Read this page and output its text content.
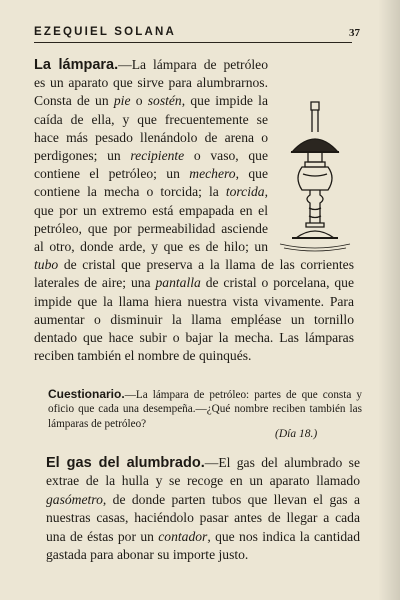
EZEQUIEL SOLANA	37

La lámpara.—La lámpara de petróleo es un aparato que sirve para alumbrarnos. Consta de un pie o sostén, que impide la caída de ella, y que frecuentemente se hace más pesado llenándolo de arena o perdigones; un recipiente o vaso, que contiene el petróleo; un mechero, que contiene la mecha o torcida; la torcida, que por un extremo está empapada en el petróleo, que por permeabilidad asciende al otro, donde arde, y que es de hilo; un tubo de cristal que preserva a la llama de las corrientes laterales de aire; una pantalla de cristal o porcelana, que impide que la llama hiera nuestra vista vivamente. Para aumentar o disminuir la llama empléase un tornillo dentado que hace subir o bajar la mecha. Las lámparas reciben también el nombre de quinqués.

Cuestionario.—La lámpara de petróleo: partes de que consta y oficio que cada una desempeña.—¿Qué nombre reciben también las lámparas de petróleo?
(Día 18.)
El gas del alumbrado.—El gas del alumbrado se extrae de la hulla y se recoge en un aparato llamado gasómetro, de donde parten tubos que llevan el gas a nuestras casas, haciéndolo pasar antes de llegar a cada una de éstas por un contador, que nos indica la cantidad gastada para abonar su importe justo.
